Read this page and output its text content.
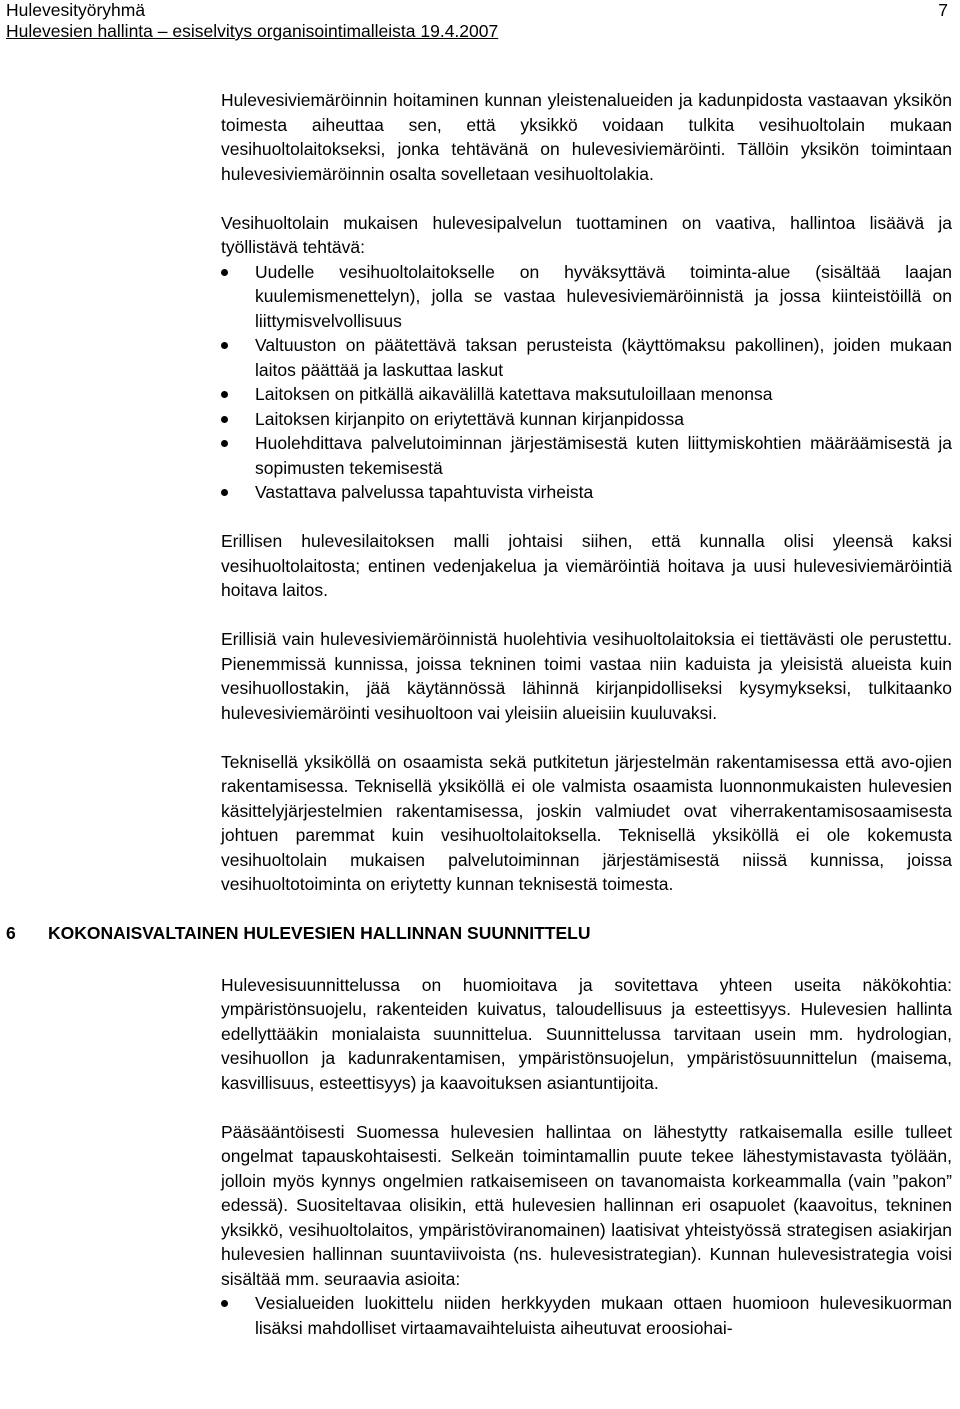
Hulevesityöryhmä
Hulevesien hallinta – esiselvitys organisointimalleista 19.4.2007
7

Hulevesiviemäröinnin hoitaminen kunnan yleistenalueiden ja kadunpidosta vastaavan yksikön toimesta aiheuttaa sen, että yksikkö voidaan tulkita vesihuoltolain mukaan vesihuoltolaitokseksi, jonka tehtävänä on hulevesiviemäröinti. Tällöin yksikön toimintaan hulevesiviemäröinnin osalta sovelletaan vesihuoltolakia.

Vesihuoltolain mukaisen hulevesipalvelun tuottaminen on vaativa, hallintoa lisäävä ja työllistävä tehtävä:

Uudelle vesihuoltolaitokselle on hyväksyttävä toiminta-alue (sisältää laajan kuulemismenettelyn), jolla se vastaa hulevesiviemäröinnistä ja jossa kiinteistöillä on liittymisvelvollisuus
Valtuuston on päätettävä taksan perusteista (käyttömaksu pakollinen), joiden mukaan laitos päättää ja laskuttaa laskut
Laitoksen on pitkällä aikavälillä katettava maksutuloillaan menonsa
Laitoksen kirjanpito on eriytettävä kunnan kirjanpidossa
Huolehdittava palvelutoiminnan järjestämisestä kuten liittymiskohtien määräämisestä ja sopimusten tekemisestä
Vastattava palvelussa tapahtuvista virheista

Erillisen hulevesilaitoksen malli johtaisi siihen, että kunnalla olisi yleensä kaksi vesihuoltolaitosta; entinen vedenjakelua ja viemäröintiä hoitava ja uusi hulevesiviemäröintiä hoitava laitos.

Erillisiä vain hulevesiviemäröinnistä huolehtivia vesihuoltolaitoksia ei tiettävästi ole perustettu. Pienemmissä kunnissa, joissa tekninen toimi vastaa niin kaduista ja yleisistä alueista kuin vesihuollostakin, jää käytännössä lähinnä kirjanpidolliseksi kysymykseksi, tulkitaanko hulevesiviemäröinti vesihuoltoon vai yleisiin alueisiin kuuluvaksi.

Teknisellä yksiköllä on osaamista sekä putkitetun järjestelmän rakentamisessa että avo-ojien rakentamisessa. Teknisellä yksiköllä ei ole valmista osaamista luonnonmukaisten hulevesien käsittelyjärjestelmien rakentamisessa, joskin valmiudet ovat viherrakentamisosaamisesta johtuen paremmat kuin vesihuoltolaitoksella. Teknisellä yksiköllä ei ole kokemusta vesihuoltolain mukaisen palvelutoiminnan järjestämisestä niissä kunnissa, joissa vesihuoltotoiminta on eriytetty kunnan teknisestä toimesta.

6 KOKONAISVALTAINEN HULEVESIEN HALLINNAN SUUNNITTELU

Hulevesisuunnittelussa on huomioitava ja sovitettava yhteen useita näkökohtia: ympäristönsuojelu, rakenteiden kuivatus, taloudellisuus ja esteettisyys. Hulevesien hallinta edellyttääkin monialaista suunnittelua. Suunnittelussa tarvitaan usein mm. hydrologian, vesihuollon ja kadunrakentamisen, ympäristönsuojelun, ympäristösuunnittelun (maisema, kasvillisuus, esteettisyys) ja kaavoituksen asiantuntijoita.

Pääsääntöisesti Suomessa hulevesien hallintaa on lähestytty ratkaisemalla esille tulleet ongelmat tapauskohtaisesti. Selkeän toimintamallin puute tekee lähestymistavasta työlään, jolloin myös kynnys ongelmien ratkaisemiseen on tavanomaista korkeammalla (vain ”pakon” edessä). Suositeltavaa olisikin, että hulevesien hallinnan eri osapuolet (kaavoitus, tekninen yksikkö, vesihuoltolaitos, ympäristöviranomainen) laatisivat yhteistyössä strategisen asiakirjan hulevesien hallinnan suuntaviivoista (ns. hulevesistrategian). Kunnan hulevesistrategia voisi sisältää mm. seuraavia asioita:

Vesialueiden luokittelu niiden herkkyyden mukaan ottaen huomioon hulevesikuorman lisäksi mahdolliset virtaamavaihteluista aiheutuvat eroosiohai-
